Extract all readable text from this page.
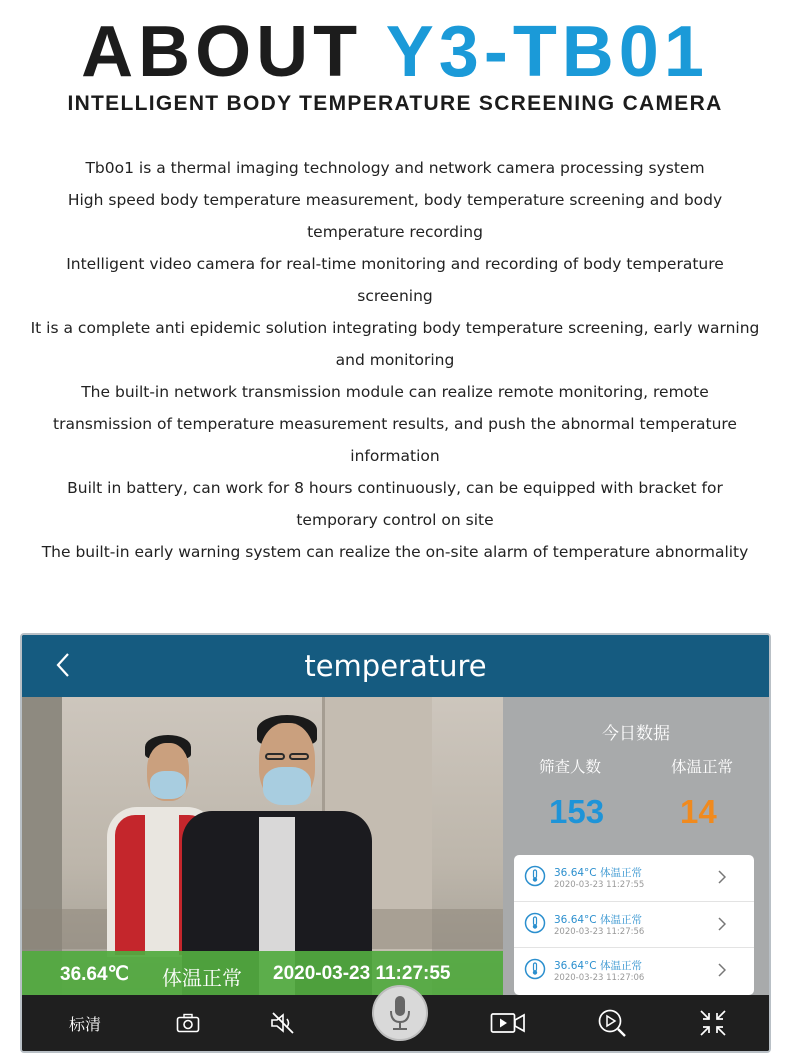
ABOUT Y3-TB01
INTELLIGENT BODY TEMPERATURE SCREENING CAMERA

Tb0o1 is a thermal imaging technology and network camera processing system

High speed body temperature measurement, body temperature screening and body temperature recording

Intelligent video camera for real-time monitoring and recording of body temperature screening

It is a complete anti epidemic solution integrating body temperature screening, early warning and monitoring

The built-in network transmission module can realize remote monitoring, remote transmission of temperature measurement results, and push the abnormal temperature information

Built in battery, can work for 8 hours continuously, can be equipped with bracket for temporary control on site

The built-in early warning system can realize the on-site alarm of temperature abnormality

temperature
36.64℃ 体温正常 2020-03-23 11:27:55
今日数据
筛查人数	体温正常
153 14
36.64°C 体温正常
2020-03-23 11:27:55
36.64°C 体温正常
2020-03-23 11:27:56
36.64°C 体温正常
2020-03-23 11:27:06
标清
